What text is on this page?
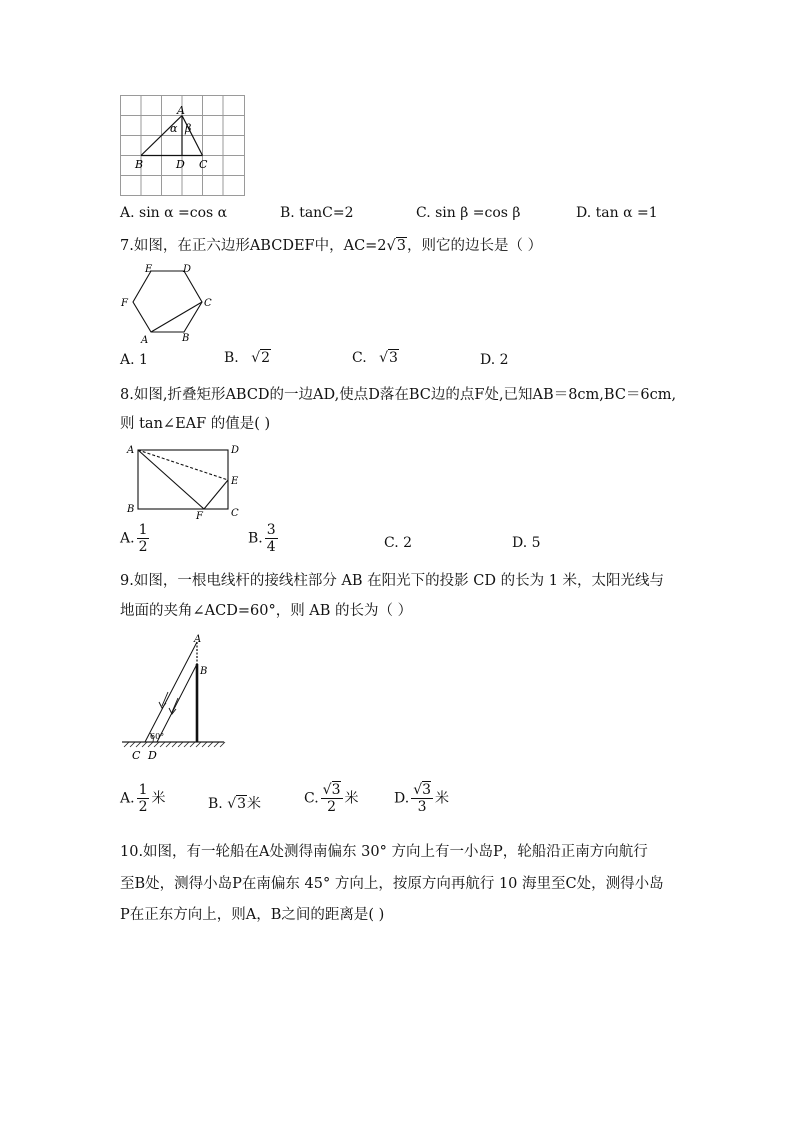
A
α β
B	D C
A. sin α =cos α	B. tanC=2	C. sin β =cos β	D. tan α =1
7.如图，在正六边形ABCDEF中，AC=2√3，则它的边长是（ ）
E	D
F	C
A	B
A. 1	B. √2	C. √3	D. 2
8.如图,折叠矩形ABCD的一边AD,使点D落在BC边的点F处,已知AB＝8cm,BC＝6cm,
则 tan∠EAF 的值是( )
A	D
E
B
F	C
A. $\frac{1}{2}$	B. $\frac{3}{4}$	C. 2	D. 5
9.如图，一根电线杆的接线柱部分 AB 在阳光下的投影 CD 的长为 1 米，太阳光线与
地面的夹角∠ACD=60°，则 AB 的长为（ ）
A
B
60°
C D
A. $\frac{1}{2}$ 米	B. √3米	C. $\frac{√3}{2}$ 米	D. $\frac{√3}{3}$ 米
10.如图，有一轮船在A处测得南偏东 30° 方向上有一小岛P，轮船沿正南方向航行
至B处，测得小岛P在南偏东 45° 方向上，按原方向再航行 10 海里至C处，测得小岛
P在正东方向上，则A，B之间的距离是( )
